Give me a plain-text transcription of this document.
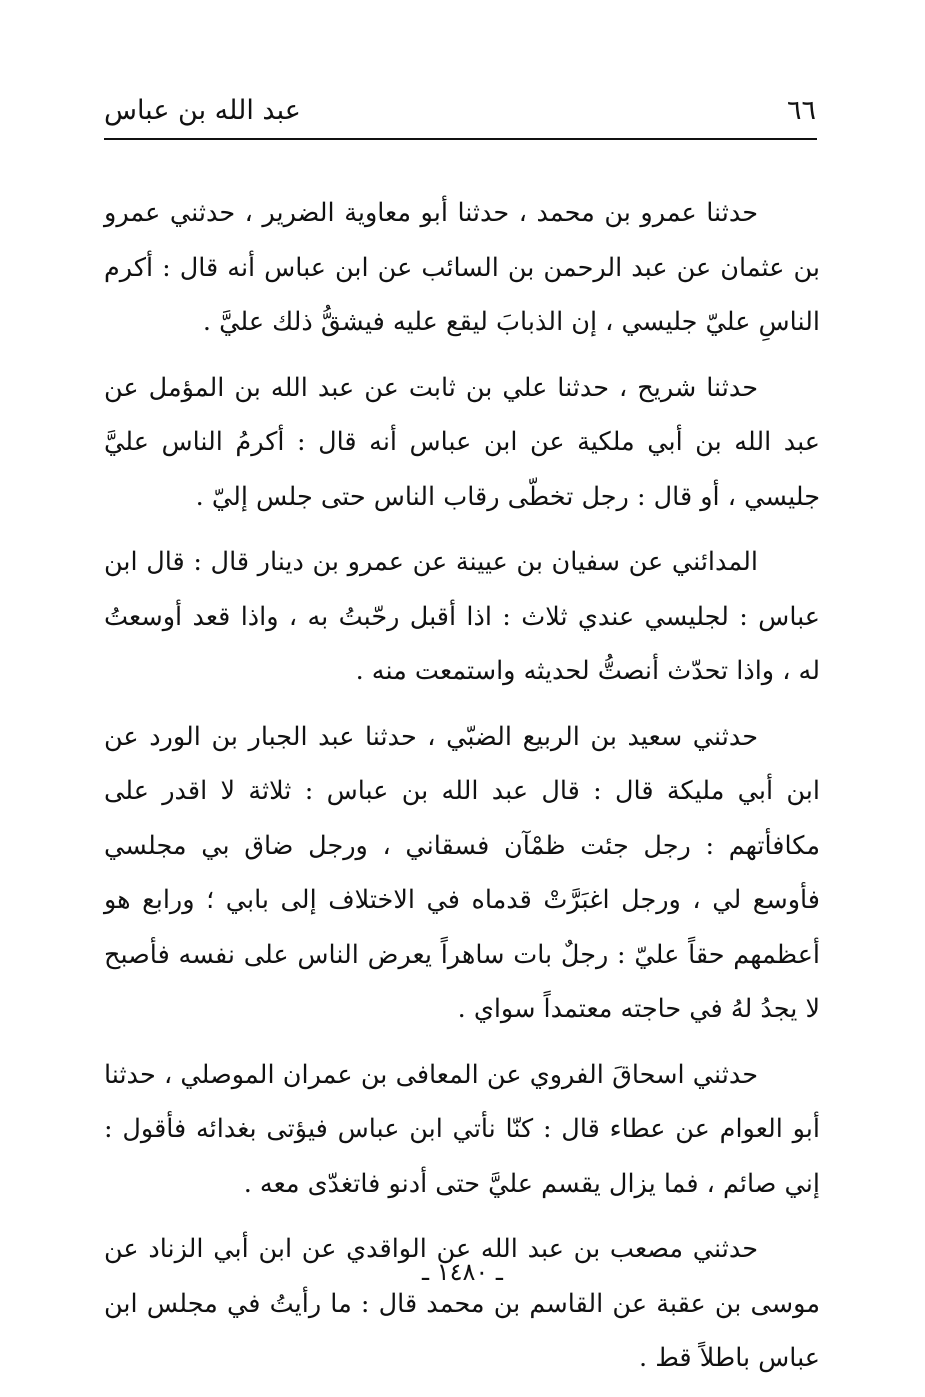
عبد الله بن عباس	٦٦

حدثنا عمرو بن محمد ، حدثنا أبو معاوية الضرير ، حدثني عمرو بن عثمان عن عبد الرحمن بن السائب عن ابن عباس أنه قال : أكرم الناسِ عليّ جليسي ، إن الذبابَ ليقع عليه فيشقُّ ذلك عليَّ .

حدثنا شريح ، حدثنا علي بن ثابت عن عبد الله بن المؤمل عن عبد الله بن أبي ملكية عن ابن عباس أنه قال : أكرمُ الناس عليَّ جليسي ، أو قال : رجل تخطّى رقاب الناس حتى جلس إليّ .

المدائني عن سفيان بن عيينة عن عمرو بن دينار قال : قال ابن عباس : لجليسي عندي ثلاث : اذا أقبل رحّبتُ به ، واذا قعد أوسعتُ له ، واذا تحدّث أنصتُّ لحديثه واستمعت منه .

حدثني سعيد بن الربيع الضبّي ، حدثنا عبد الجبار بن الورد عن ابن أبي مليكة قال : قال عبد الله بن عباس : ثلاثة لا اقدر على مكافأتهم : رجل جئت ظمْآن فسقاني ، ورجل ضاق بي مجلسي فأوسع لي ، ورجل اغبَرَّتْ قدماه في الاختلاف إلى بابي ؛ ورابع هو أعظمهم حقاً عليّ : رجلٌ بات ساهراً يعرض الناس على نفسه فأصبح لا يجدُ لهُ في حاجته معتمداً سواي .

حدثني اسحاقَ الفروي عن المعافى بن عمران الموصلي ، حدثنا أبو العوام عن عطاء قال : كنّا نأتي ابن عباس فيؤتى بغدائه فأقول : إني صائم ، فما يزال يقسم عليَّ حتى أدنو فاتغدّى معه .

حدثني مصعب بن عبد الله عن الواقدي عن ابن أبي الزناد عن موسى بن عقبة عن القاسم بن محمد قال : ما رأيتُ في مجلس ابن عباس باطلاً قط .

ـ ١٤٨٠ ـ
